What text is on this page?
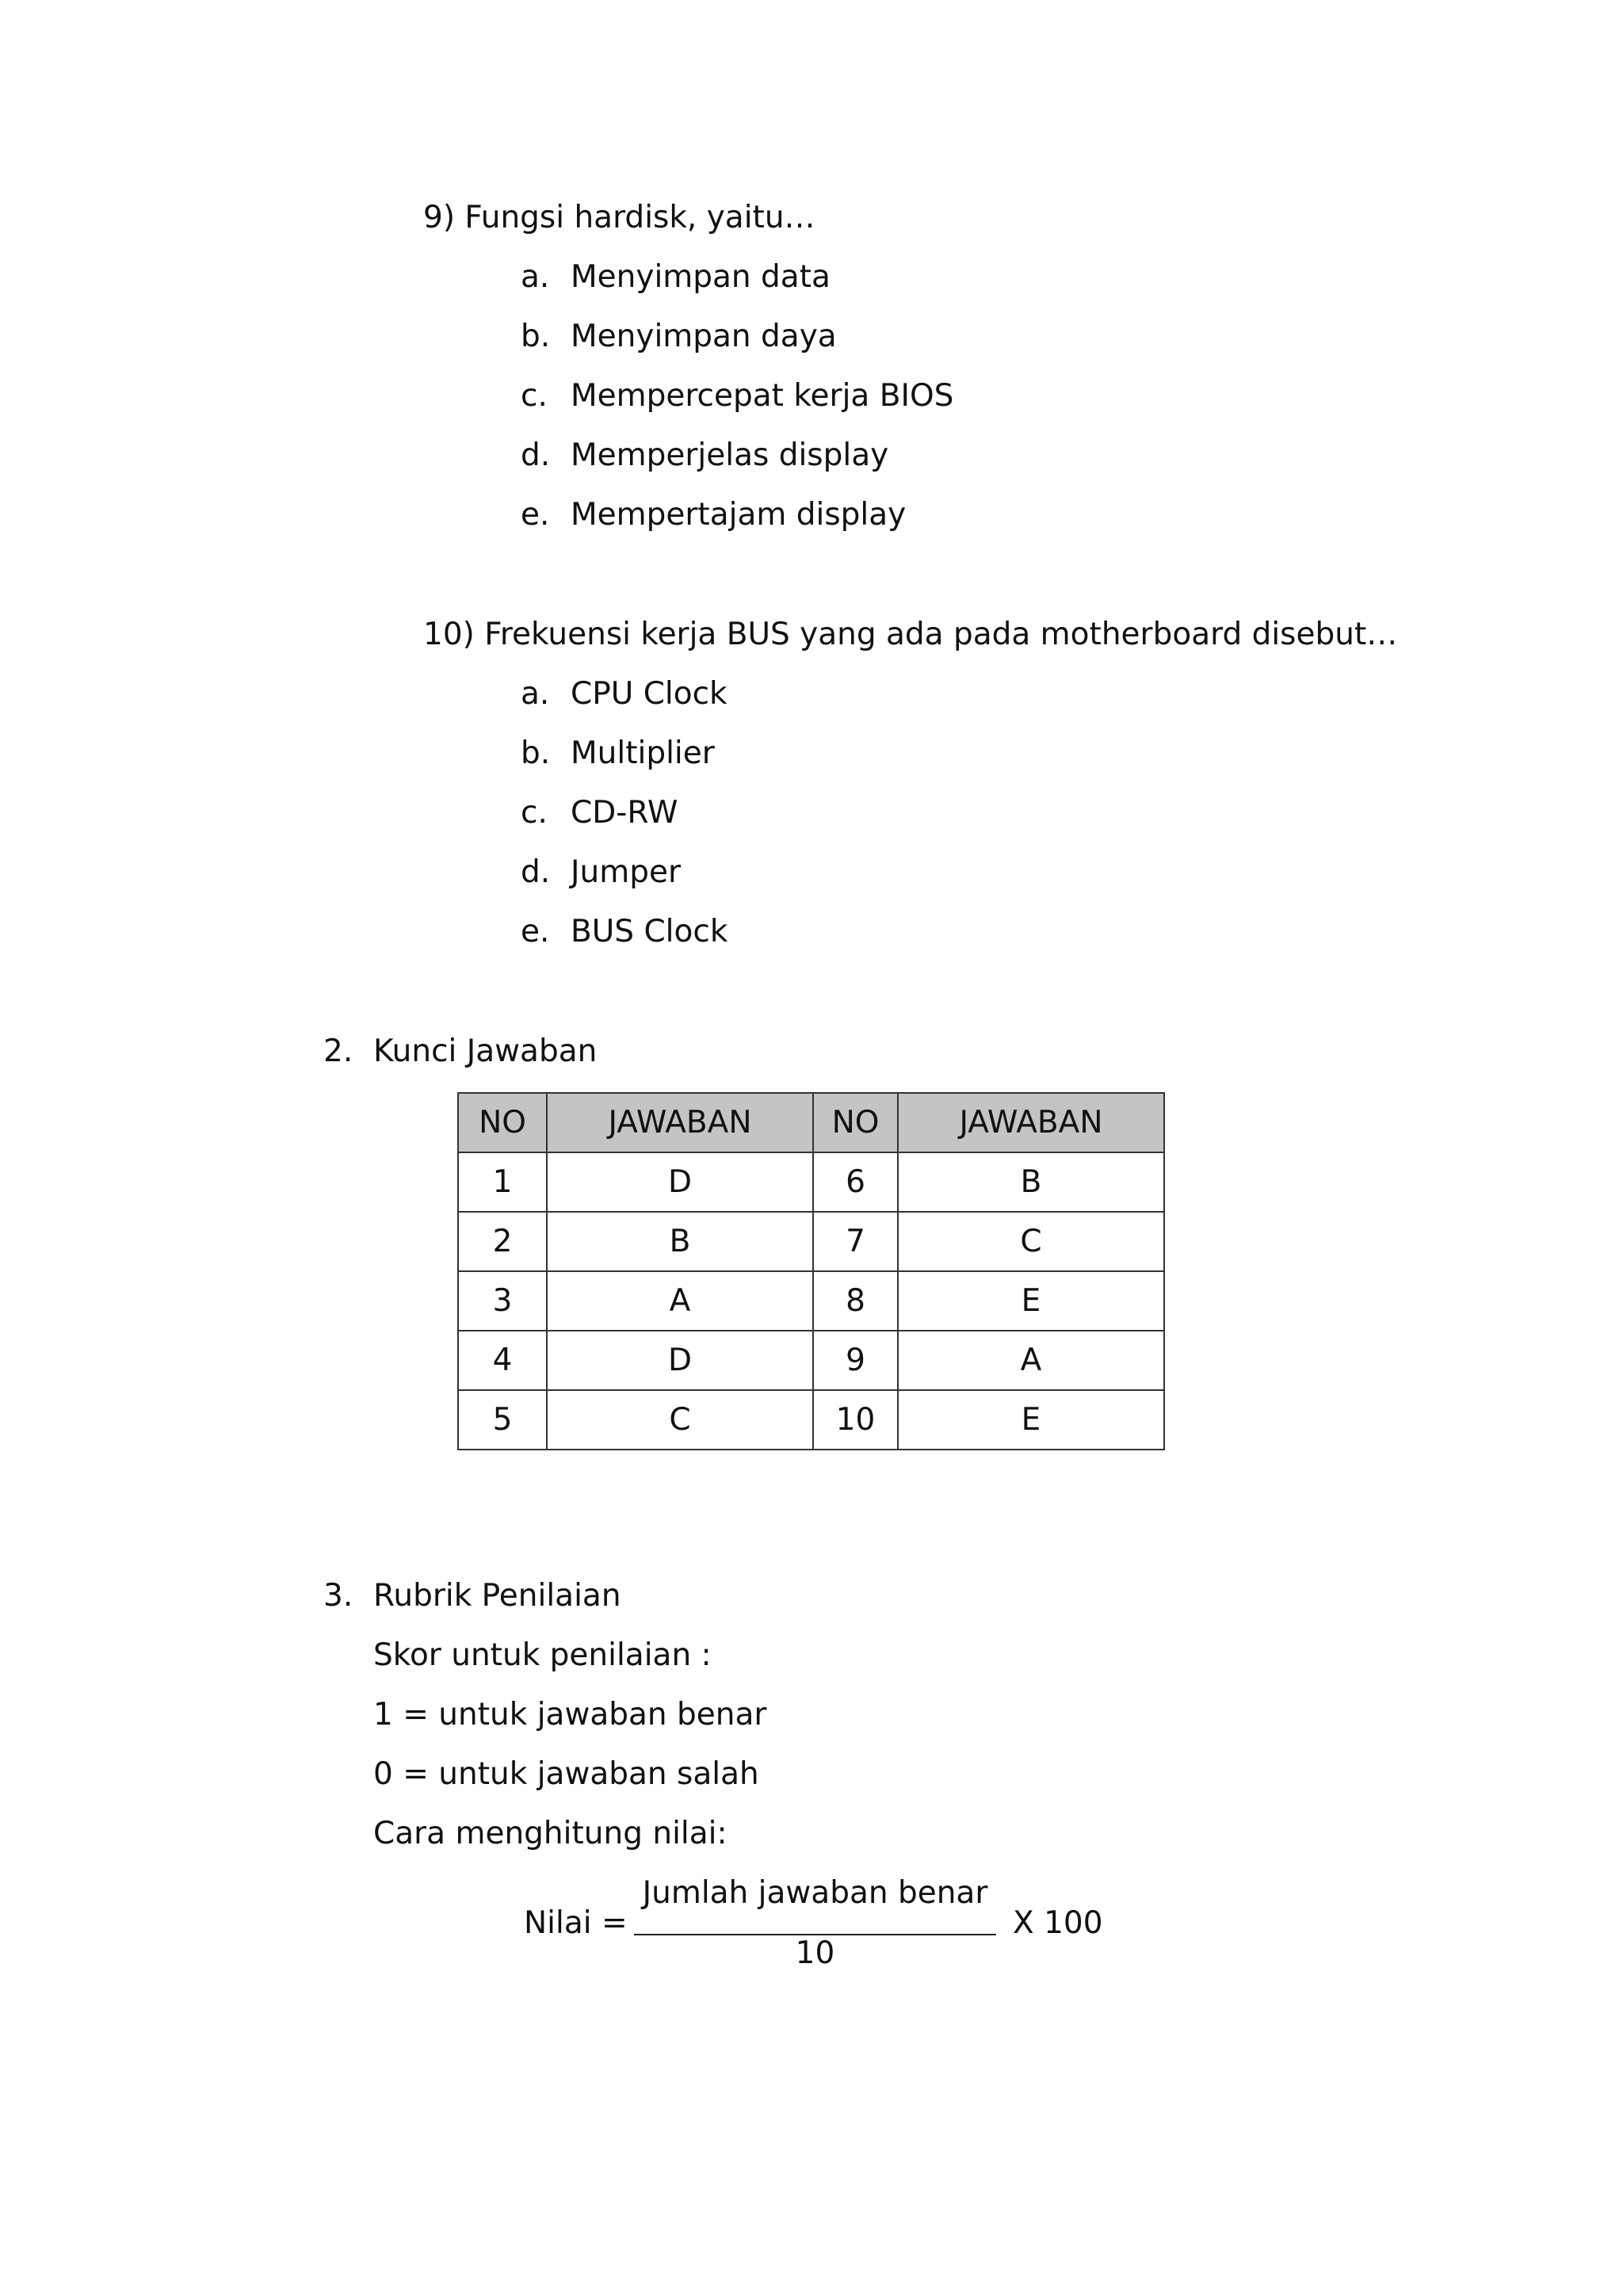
9) Fungsi hardisk, yaitu…
a. Menyimpan data
b. Menyimpan daya
c. Mempercepat kerja BIOS
d. Memperjelas display
e. Mempertajam display
10) Frekuensi kerja BUS yang ada pada motherboard disebut…
a. CPU Clock
b. Multiplier
c. CD-RW
d. Jumper
e. BUS Clock
2. Kunci Jawaban
NO	JAWABAN	NO	JAWABAN
1	D	6	B
2	B	7	C
3	A	8	E
4	D	9	A
5	C	10	E
3. Rubrik Penilaian
Skor untuk penilaian :
1 = untuk jawaban benar
0 = untuk jawaban salah
Cara menghitung nilai:
Nilai =
Jumlah jawaban benar
10
X 100
